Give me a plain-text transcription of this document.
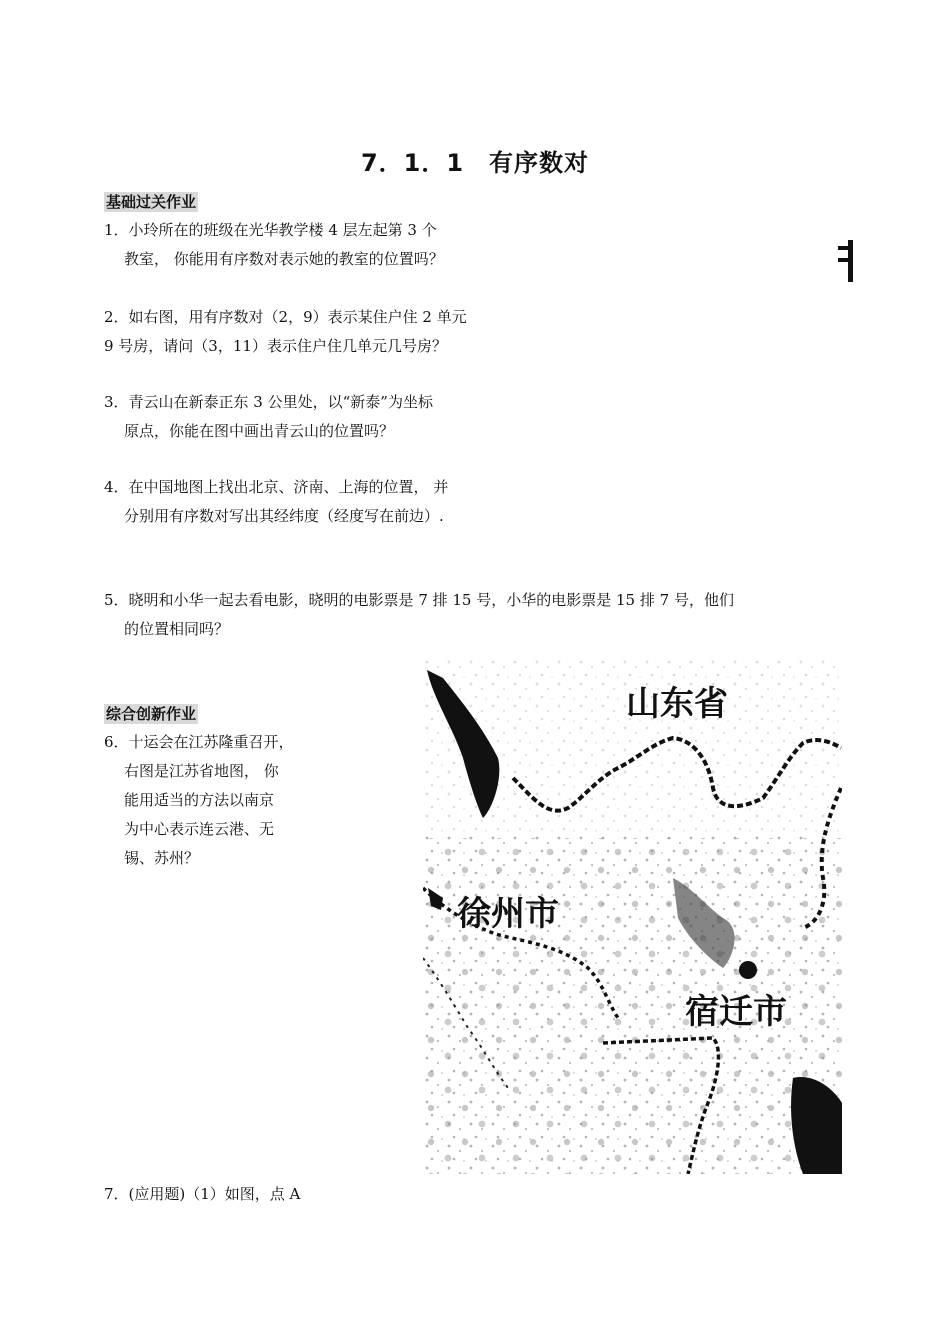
7．1．1　有序数对
基础过关作业
1．小玲所在的班级在光华教学楼 4 层左起第 3 个
教室， 你能用有序数对表示她的教室的位置吗？
2．如右图，用有序数对（2，9）表示某住户住 2 单元
9 号房，请问（3，11）表示住户住几单元几号房？
3．青云山在新泰正东 3 公里处，以“新泰”为坐标
原点，你能在图中画出青云山的位置吗？
4．在中国地图上找出北京、济南、上海的位置， 并
分别用有序数对写出其经纬度（经度写在前边）.
5．晓明和小华一起去看电影，晓明的电影票是 7 排 15 号，小华的电影票是 15 排 7 号，他们
的位置相同吗？
综合创新作业
6．十运会在江苏隆重召开，
右图是江苏省地图， 你
能用适当的方法以南京
为中心表示连云港、无
锡、苏州？
山东省
徐州市
宿迁市
7．(应用题)（1）如图，点 A
